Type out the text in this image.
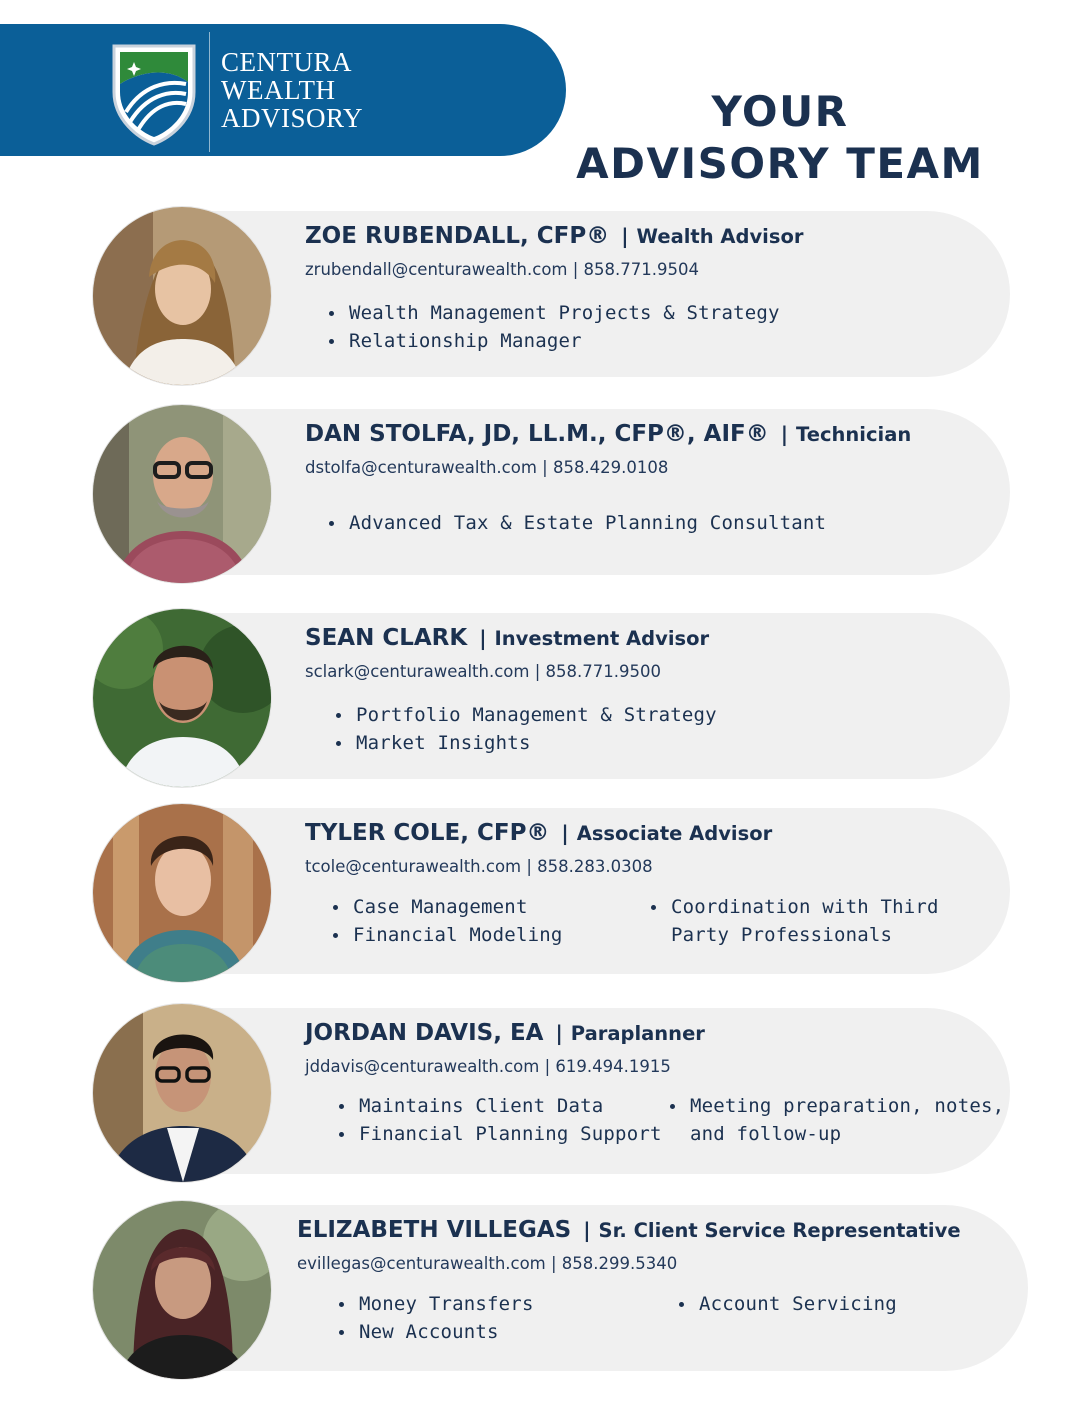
CENTURA
WEALTH
ADVISORY	YOUR
ADVISORY TEAM
ZOE RUBENDALL, CFP® | Wealth Advisor
zrubendall@centurawealth.com | 858.771.9504
Wealth Management Projects & Strategy
Relationship Manager
DAN STOLFA, JD, LL.M., CFP®, AIF® | Technician
dstolfa@centurawealth.com | 858.429.0108
Advanced Tax & Estate Planning Consultant
SEAN CLARK | Investment Advisor
sclark@centurawealth.com | 858.771.9500
Portfolio Management & Strategy
Market Insights
TYLER COLE, CFP® | Associate Advisor
tcole@centurawealth.com | 858.283.0308
Case Management
Financial Modeling
Coordination with Third Party Professionals
JORDAN DAVIS, EA | Paraplanner
jddavis@centurawealth.com | 619.494.1915
Maintains Client Data
Financial Planning Support
Meeting preparation, notes, and follow-up
ELIZABETH VILLEGAS | Sr. Client Service Representative
evillegas@centurawealth.com | 858.299.5340
Money Transfers
New Accounts
Account Servicing
